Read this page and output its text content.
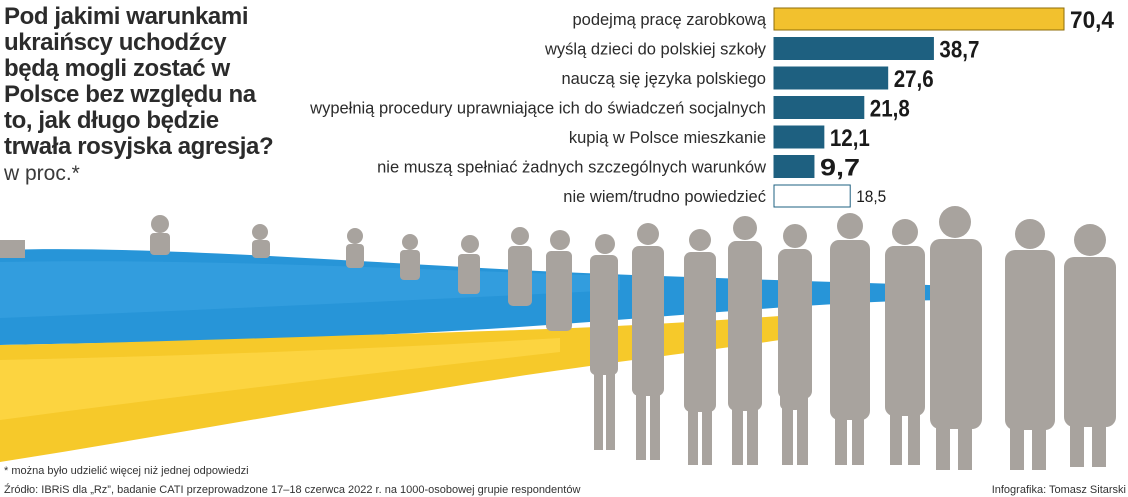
Pod jakimi warunkami ukraińscy uchodźcy będą mogli zostać w Polsce bez względu na to, jak długo będzie trwała rosyjska agresja?
w proc.*
podejmą pracę zarobkową	70,4
wyślą dzieci do polskiej szkoły	38,7
nauczą się języka polskiego	27,6
wypełnią procedury uprawniające ich do świadczeń socjalnych	21,8
kupią w Polsce mieszkanie	12,1
nie muszą spełniać żadnych szczególnych warunków 9,7
nie wiem/trudno powiedzieć	18,5
* można było udzielić więcej niż jednej odpowiedzi
Źródło: IBRiS dla „Rz”, badanie CATI przeprowadzone 17–18 czerwca 2022 r. na 1000-osobowej grupie respondentów	Infografika: Tomasz Sitarski
